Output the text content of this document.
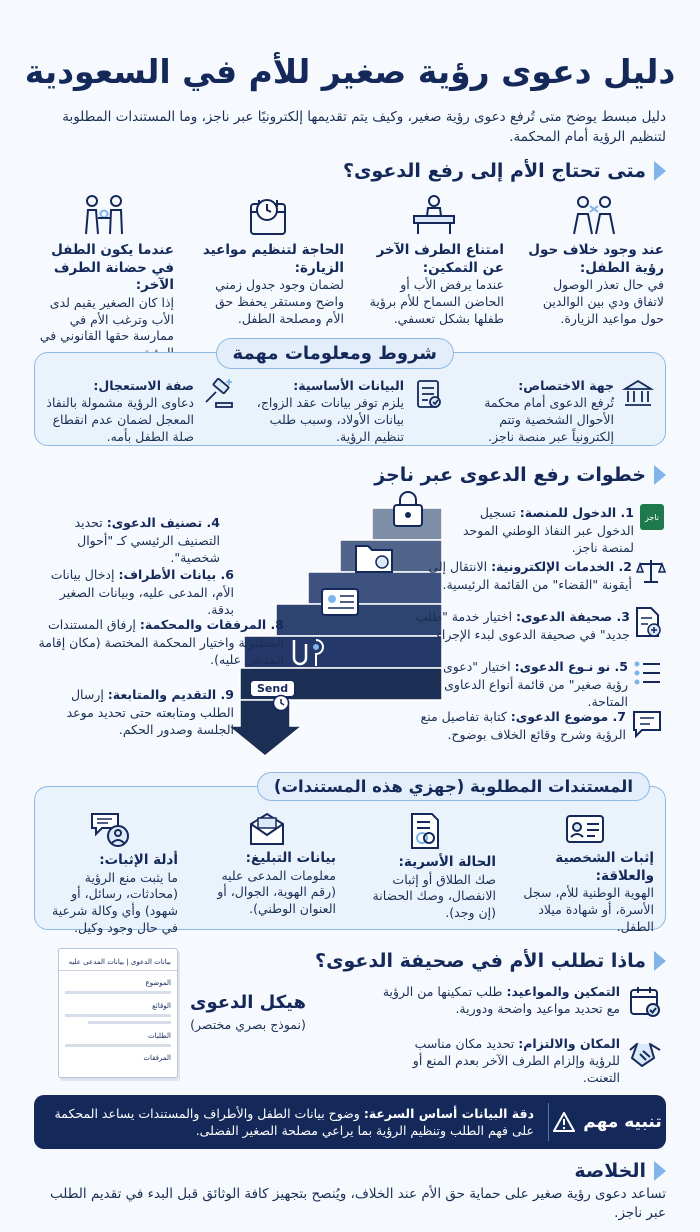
دليل دعوى رؤية صغير للأم في السعودية

دليل مبسط يوضح متى تُرفع دعوى رؤية صغير، وكيف يتم تقديمها إلكترونيًا عبر ناجز، وما المستندات المطلوبة لتنظيم الرؤية أمام المحكمة.

متى تحتاج الأم إلى رفع الدعوى؟
عند وجود خلاف حول رؤية الطفل:

في حال تعذر الوصول لاتفاق ودي بين الوالدين حول مواعيد الزيارة.

امتناع الطرف الآخر عن التمكين:

عندما يرفض الأب أو الحاضن السماح للأم برؤية طفلها بشكل تعسفي.

الحاجة لتنظيم مواعيد الزيارة:

لضمان وجود جدول زمني واضح ومستقر يحفظ حق الأم ومصلحة الطفل.

عندما يكون الطفل في حضانة الطرف الآخر:

إذا كان الصغير يقيم لدى الأب وترغب الأم في ممارسة حقها القانوني في

شروط ومعلومات مهمة
جهة الاختصاص:
تُرفع الدعوى أمام محكمة الأحوال الشخصية وتتم إلكترونياً عبر منصة ناجز.
البيانات الأساسية:
يلزم توفر بيانات عقد الزواج، بيانات الأولاد، وسبب طلب تنظيم الرؤية.
صفة الاستعجال:
دعاوى الرؤية مشمولة بالنفاذ المعجل لضمان عدم انقطاع صلة الطفل بأمه.
خطوات رفع الدعوى عبر ناجز
Send
ناجز
1. الدخول للمنصة: تسجيل الدخول عبر النفاذ الوطني الموحد لمنصة ناجز.
2. الخدمات الإلكترونية: الانتقال إلى أيقونة "القضاء" من القائمة الرئيسية.
3. صحيفة الدعوى: اختيار خدمة "طلب جديد" في صحيفة الدعوى لبدء الإجراء.
5. نو نـوع الدعوى: اختيار "دعوى رؤية صغير" من قائمة أنواع الدعاوى المتاحة.
7. موضوع الدعوى: كتابة تفاصيل منع الرؤية وشرح وقائع الخلاف بوضوح.
4. تصنيف الدعوى: تحديد التصنيف الرئيسي كـ "أحوال شخصية".
6. بيانات الأطراف: إدخال بيانات الأم، المدعى عليه، وبيانات الصغير بدقة.
8. المرفقات والمحكمة: إرفاق المستندات المطلوبة واختيار المحكمة المختصة (مكان إقامة المدعى عليه).
9. التقديم والمتابعة: إرسال الطلب ومتابعته حتى تحديد موعد الجلسة وصدور الحكم.
المستندات المطلوبة (جهزي هذه المستندات)
إثبات الشخصية والعلاقة:

الهوية الوطنية للأم، سجل الأسرة، أو شهادة ميلاد الطفل.

الحالة الأسرية:

صك الطلاق أو إثبات الانفصال، وصك الحضانة (إن وجد).

بيانات التبليغ:

معلومات المدعى عليه (رقم الهوية، الجوال، أو العنوان الوطني).

أدلة الإثبات:

ما يثبت منع الرؤية (محادثات، رسائل، أو شهود) وأي وكالة شرعية في حال وجود وكيل.

ماذا تطلب الأم في صحيفة الدعوى؟
التمكين والمواعيد: طلب تمكينها من الرؤية مع تحديد مواعيد واضحة ودورية.
المكان والالتزام: تحديد مكان مناسب للرؤية وإلزام الطرف الآخر بعدم المنع أو التعنت.
هيكل الدعوى
(نموذج بصري مختصر)
بيانات الدعوى | بيانات المدعى عليه
الموضوع
الوقائع
الطلبات
المرفقات
تنبيه مهم
دقة البيانات أساس السرعة: وضوح بيانات الطفل والأطراف والمستندات يساعد المحكمة على فهم الطلب وتنظيم الرؤية بما يراعي مصلحة الصغير الفضلى.
الخلاصة

تساعد دعوى رؤية صغير على حماية حق الأم عند الخلاف، ويُنصح بتجهيز كافة الوثائق قبل البدء في تقديم الطلب عبر ناجز.
